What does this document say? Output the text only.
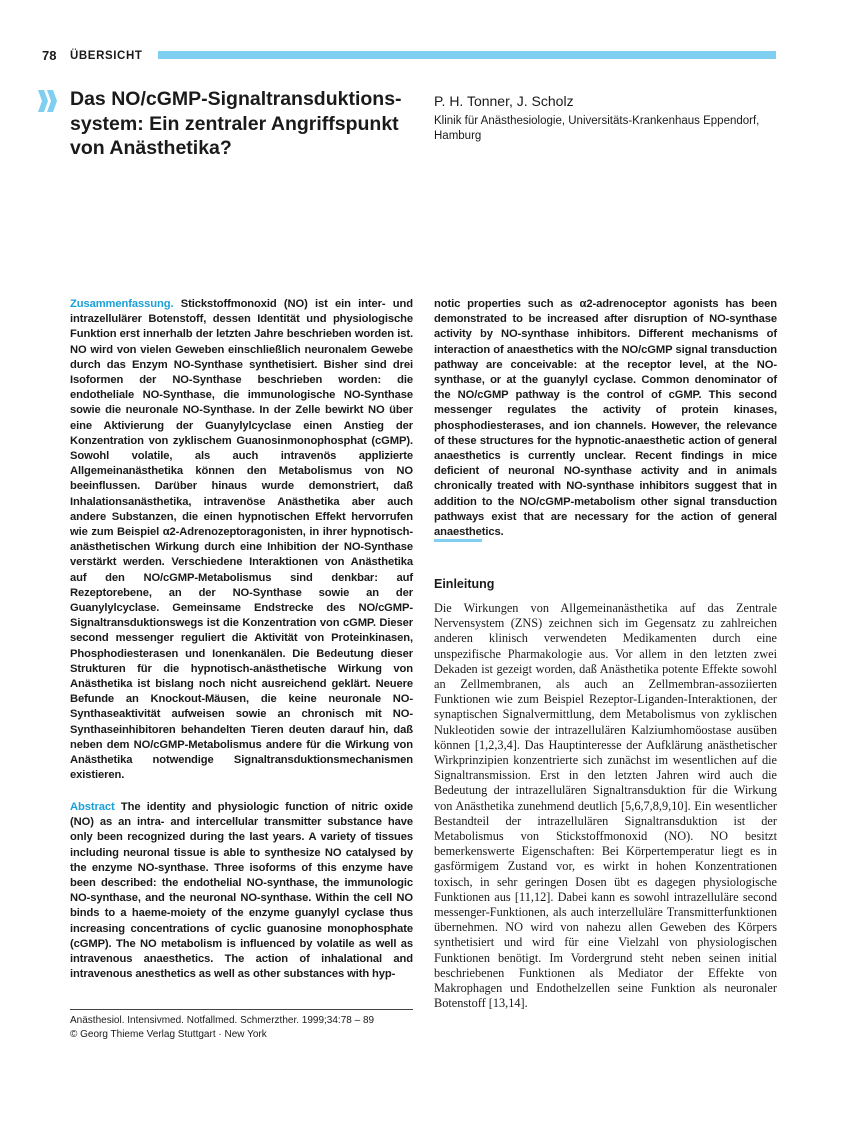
78 ÜBERSICHT
Das NO/cGMP-Signaltransduktions-system: Ein zentraler Angriffspunkt von Anästhetika?
P. H. Tonner, J. Scholz
Klinik für Anästhesiologie, Universitäts-Krankenhaus Eppendorf, Hamburg

Zusammenfassung. Stickstoffmonoxid (NO) ist ein inter- und intrazellulärer Botenstoff, dessen Identität und physiologische Funktion erst innerhalb der letzten Jahre beschrieben worden ist. NO wird von vielen Geweben einschließlich neuronalem Gewebe durch das Enzym NO-Synthase synthetisiert. Bisher sind drei Isoformen der NO-Synthase beschrieben worden: die endotheliale NO-Synthase, die immunologische NO-Synthase sowie die neuronale NO-Synthase. In der Zelle bewirkt NO über eine Aktivierung der Guanylylcyclase einen Anstieg der Konzentration von zyklischem Guanosinmonophosphat (cGMP). Sowohl volatile, als auch intravenös applizierte Allgemeinanästhetika können den Metabolismus von NO beeinflussen. Darüber hinaus wurde demonstriert, daß Inhalationsanästhetika, intravenöse Anästhetika aber auch andere Substanzen, die einen hypnotischen Effekt hervorrufen wie zum Beispiel α2-Adrenozeptoragonisten, in ihrer hypnotisch-anästhetischen Wirkung durch eine Inhibition der NO-Synthase verstärkt werden. Verschiedene Interaktionen von Anästhetika auf den NO/cGMP-Metabolismus sind denkbar: auf Rezeptorebene, an der NO-Synthase sowie an der Guanylylcyclase. Gemeinsame Endstrecke des NO/cGMP-Signaltransduktionswegs ist die Konzentration von cGMP. Dieser second messenger reguliert die Aktivität von Proteinkinasen, Phosphodiesterasen und Ionenkanälen. Die Bedeutung dieser Strukturen für die hypnotisch-anästhetische Wirkung von Anästhetika ist bislang noch nicht ausreichend geklärt. Neuere Befunde an Knockout-Mäusen, die keine neuronale NO-Synthaseaktivität aufweisen sowie an chronisch mit NO-Synthaseinhibitoren behandelten Tieren deuten darauf hin, daß neben dem NO/cGMP-Metabolismus andere für die Wirkung von Anästhetika notwendige Signaltransduktionsmechanismen existieren.

Abstract The identity and physiologic function of nitric oxide (NO) as an intra- and intercellular transmitter substance have only been recognized during the last years. A variety of tissues including neuronal tissue is able to synthesize NO catalysed by the enzyme NO-synthase. Three isoforms of this enzyme have been described: the endothelial NO-synthase, the immunologic NO-synthase, and the neuronal NO-synthase. Within the cell NO binds to a haeme-moiety of the enzyme guanylyl cyclase thus increasing concentrations of cyclic guanosine monophosphate (cGMP). The NO metabolism is influenced by volatile as well as intravenous anaesthetics. The action of inhalational and intravenous anesthetics as well as other substances with hyp-

notic properties such as α2-adrenoceptor agonists has been demonstrated to be increased after disruption of NO-synthase activity by NO-synthase inhibitors. Different mechanisms of interaction of anaesthetics with the NO/cGMP signal transduction pathway are conceivable: at the receptor level, at the NO-synthase, or at the guanylyl cyclase. Common denominator of the NO/cGMP pathway is the control of cGMP. This second messenger regulates the activity of protein kinases, phosphodiesterases, and ion channels. However, the relevance of these structures for the hypnotic-anaesthetic action of general anaesthetics is currently unclear. Recent findings in mice deficient of neuronal NO-synthase activity and in animals chronically treated with NO-synthase inhibitors suggest that in addition to the NO/cGMP-metabolism other signal transduction pathways exist that are necessary for the action of general anaesthetics.

Einleitung

Die Wirkungen von Allgemeinanästhetika auf das Zentrale Nervensystem (ZNS) zeichnen sich im Gegensatz zu zahlreichen anderen klinisch verwendeten Medikamenten durch eine unspezifische Pharmakologie aus. Vor allem in den letzten zwei Dekaden ist gezeigt worden, daß Anästhetika potente Effekte sowohl an Zellmembranen, als auch an Zellmembran-assoziierten Funktionen wie zum Beispiel Rezeptor-Liganden-Interaktionen, der synaptischen Signalvermittlung, dem Metabolismus von zyklischen Nukleotiden sowie der intrazellulären Kalziumhomöostase ausüben können [1,2,3,4]. Das Hauptinteresse der Aufklärung anästhetischer Wirkprinzipien konzentrierte sich zunächst im wesentlichen auf die Signaltransmission. Erst in den letzten Jahren wird auch die Bedeutung der intrazellulären Signaltransduktion für die Wirkung von Anästhetika zunehmend deutlich [5,6,7,8,9,10]. Ein wesentlicher Bestandteil der intrazellulären Signaltransduktion ist der Metabolismus von Stickstoffmonoxid (NO). NO besitzt bemerkenswerte Eigenschaften: Bei Körpertemperatur liegt es in gasförmigem Zustand vor, es wirkt in hohen Konzentrationen toxisch, in sehr geringen Dosen übt es dagegen physiologische Funktionen aus [11,12]. Dabei kann es sowohl intrazelluläre second messenger-Funktionen, als auch interzelluläre Transmitterfunktionen übernehmen. NO wird von nahezu allen Geweben des Körpers synthetisiert und wird für eine Vielzahl von physiologischen Funktionen benötigt. Im Vordergrund steht neben seinen initial beschriebenen Funktionen als Mediator der Effekte von Makrophagen und Endothelzellen seine Funktion als neuronaler Botenstoff [13,14].

Anästhesiol. Intensivmed. Notfallmed. Schmerzther. 1999;34:78 – 89
© Georg Thieme Verlag Stuttgart · New York
